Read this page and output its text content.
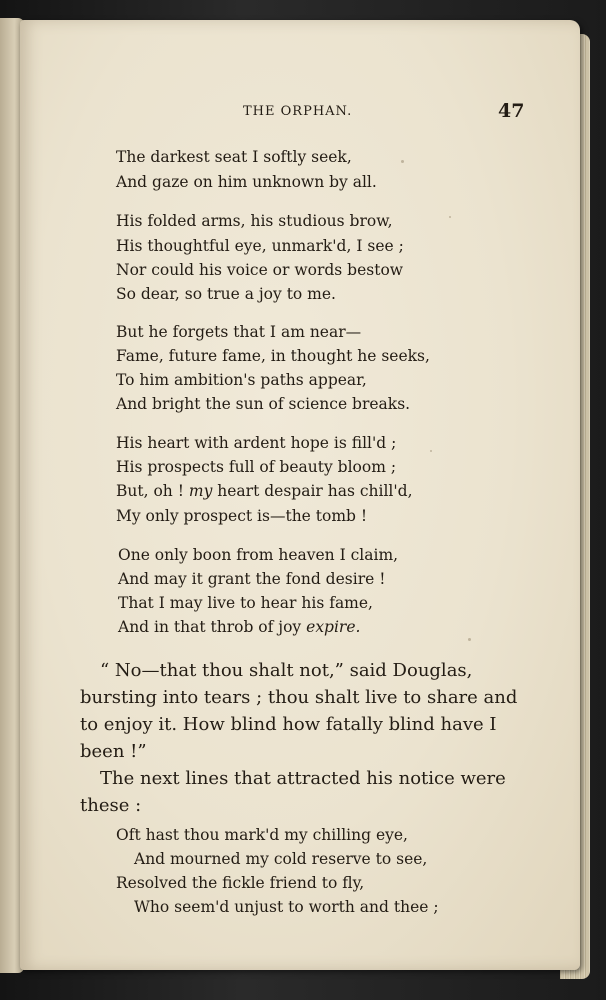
THE ORPHAN.	47
The darkest seat I softly seek,
And gaze on him unknown by all.
His folded arms, his studious brow,
His thoughtful eye, unmark'd, I see ;
Nor could his voice or words bestow
So dear, so true a joy to me.
But he forgets that I am near—
Fame, future fame, in thought he seeks,
To him ambition's paths appear,
And bright the sun of science breaks.
His heart with ardent hope is fill'd ;
His prospects full of beauty bloom ;
But, oh ! my heart despair has chill'd,
My only prospect is—the tomb !
One only boon from heaven I claim,
And may it grant the fond desire !
That I may live to hear his fame,
And in that throb of joy expire.
“ No—that thou shalt not,” said Douglas,
bursting into tears ; thou shalt live to share and
to enjoy it. How blind how fatally blind have I
been !”
The next lines that attracted his notice were
these :
Oft hast thou mark'd my chilling eye,
And mourned my cold reserve to see,
Resolved the fickle friend to fly,
Who seem'd unjust to worth and thee ;
